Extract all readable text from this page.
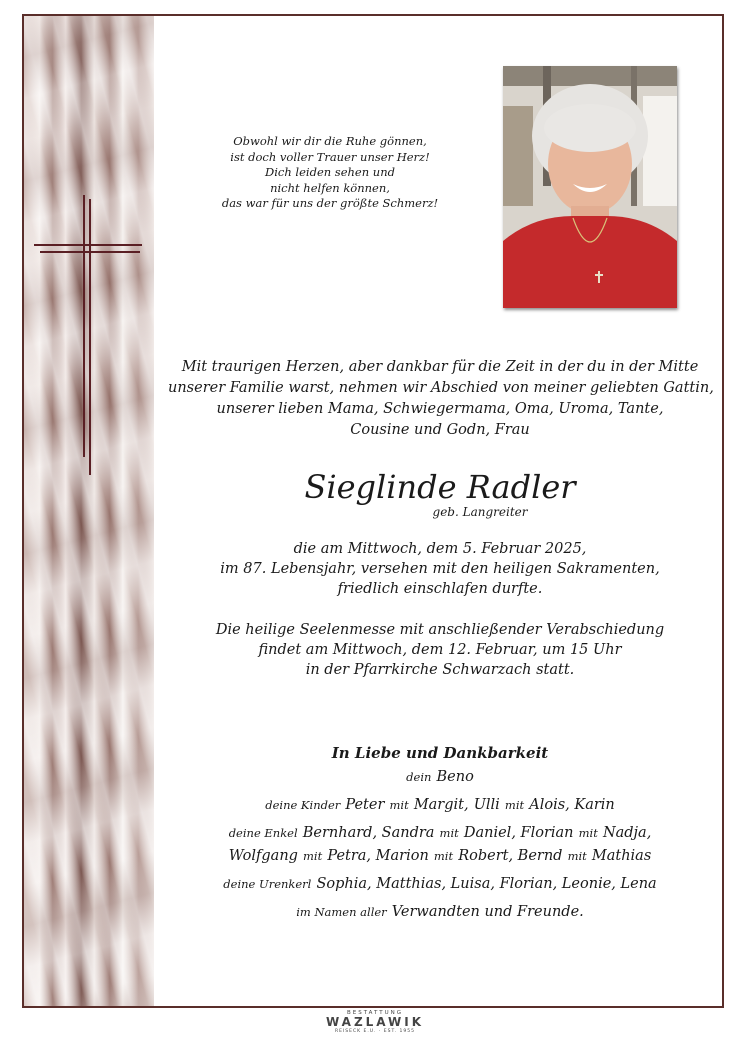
Obwohl wir dir die Ruhe gönnen,
ist doch voller Trauer unser Herz!
Dich leiden sehen und
nicht helfen können,
das war für uns der größte Schmerz!
Mit traurigen Herzen, aber dankbar für die Zeit in der du in der Mitte
unserer Familie warst, nehmen wir Abschied von meiner geliebten Gattin,
unserer lieben Mama, Schwiegermama, Oma, Uroma, Tante,
Cousine und Godn, Frau
Sieglinde Radler
geb. Langreiter
die am Mittwoch, dem 5. Februar 2025,
im 87. Lebensjahr, versehen mit den heiligen Sakramenten,
friedlich einschlafen durfte.
Die heilige Seelenmesse mit anschließender Verabschiedung
findet am Mittwoch, dem 12. Februar, um 15 Uhr
in der Pfarrkirche Schwarzach statt.
In Liebe und Dankbarkeit
dein Beno
deine Kinder Peter mit Margit, Ulli mit Alois, Karin
deine Enkel Bernhard, Sandra mit Daniel, Florian mit Nadja,
Wolfgang mit Petra, Marion mit Robert, Bernd mit Mathias
deine Urenkerl Sophia, Matthias, Luisa, Florian, Leonie, Lena
im Namen aller Verwandten und Freunde.
BESTATTUNG
WAZLAWIK
REISECK E.U. · EST. 1955
